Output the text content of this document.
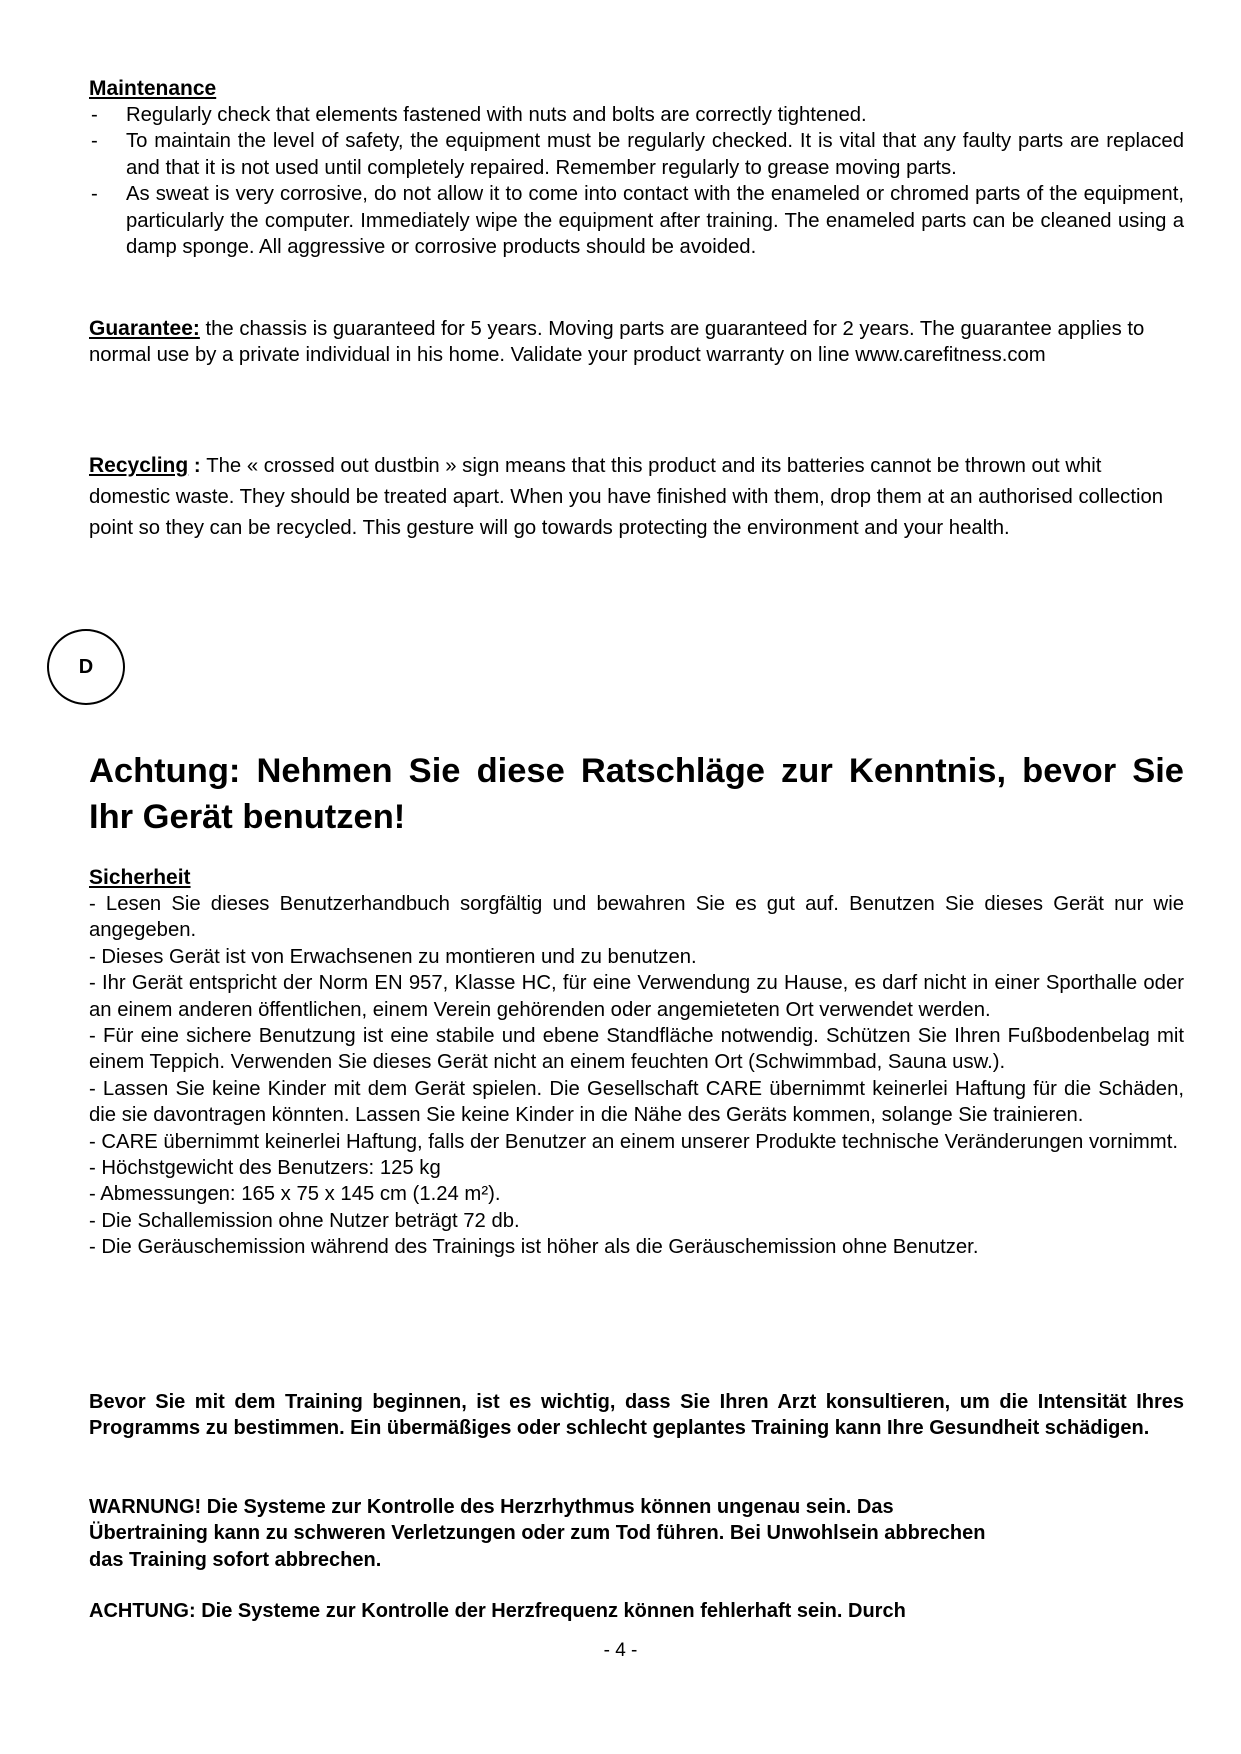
Maintenance

- Regularly check that elements fastened with nuts and bolts are correctly tightened.
- To maintain the level of safety, the equipment must be regularly checked. It is vital that any faulty parts are replaced and that it is not used until completely repaired. Remember regularly to grease moving parts.
- As sweat is very corrosive, do not allow it to come into contact with the enameled or chromed parts of the equipment, particularly the computer. Immediately wipe the equipment after training. The enameled parts can be cleaned using a damp sponge. All aggressive or corrosive products should be avoided.

Guarantee: the chassis is guaranteed for 5 years. Moving parts are guaranteed for 2 years. The guarantee applies to normal use by a private individual in his home. Validate your product warranty on line www.carefitness.com

Recycling : The « crossed out dustbin » sign means that this product and its batteries cannot be thrown out whit domestic waste. They should be treated apart. When you have finished with them, drop them at an authorised collection point so they can be recycled. This gesture will go towards protecting the environment and your health.

D

Achtung: Nehmen Sie diese Ratschläge zur Kenntnis, bevor Sie Ihr Gerät benutzen!

Sicherheit

- Lesen Sie dieses Benutzerhandbuch sorgfältig und bewahren Sie es gut auf. Benutzen Sie dieses Gerät nur wie angegeben.

- Dieses Gerät ist von Erwachsenen zu montieren und zu benutzen.

- Ihr Gerät entspricht der Norm EN 957, Klasse HC, für eine Verwendung zu Hause, es darf nicht in einer Sporthalle oder an einem anderen öffentlichen, einem Verein gehörenden oder angemieteten Ort verwendet werden.

- Für eine sichere Benutzung ist eine stabile und ebene Standfläche notwendig. Schützen Sie Ihren Fußbodenbelag mit einem Teppich. Verwenden Sie dieses Gerät nicht an einem feuchten Ort (Schwimmbad, Sauna usw.).

- Lassen Sie keine Kinder mit dem Gerät spielen. Die Gesellschaft CARE übernimmt keinerlei Haftung für die Schäden, die sie davontragen könnten. Lassen Sie keine Kinder in die Nähe des Geräts kommen, solange Sie trainieren.

- CARE übernimmt keinerlei Haftung, falls der Benutzer an einem unserer Produkte technische Veränderungen vornimmt.

- Höchstgewicht des Benutzers: 125 kg

- Abmessungen: 165 x 75 x 145 cm (1.24 m²).

- Die Schallemission ohne Nutzer beträgt 72 db.

- Die Geräuschemission während des Trainings ist höher als die Geräuschemission ohne Benutzer.

Bevor Sie mit dem Training beginnen, ist es wichtig, dass Sie Ihren Arzt konsultieren, um die Intensität Ihres Programms zu bestimmen. Ein übermäßiges oder schlecht geplantes Training kann Ihre Gesundheit schädigen.

WARNUNG! Die Systeme zur Kontrolle des Herzrhythmus können ungenau sein. Das

Übertraining kann zu schweren Verletzungen oder zum Tod führen. Bei Unwohlsein abbrechen

das Training sofort abbrechen.

ACHTUNG: Die Systeme zur Kontrolle der Herzfrequenz können fehlerhaft sein. Durch

- 4 -
